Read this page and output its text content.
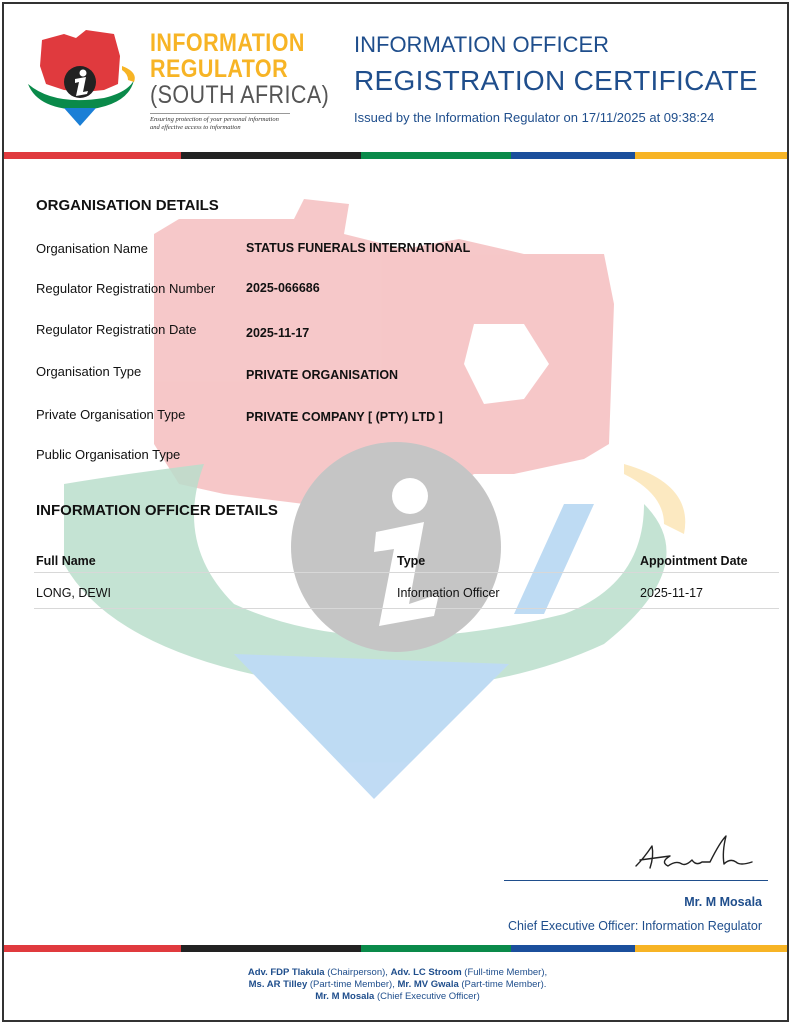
INFORMATION
REGULATOR
(SOUTH AFRICA)
Ensuring protection of your personal information
and effective access to information
INFORMATION OFFICER
REGISTRATION CERTIFICATE
Issued by the Information Regulator on 17/11/2025 at 09:38:24
ORGANISATION DETAILS
Organisation Name	STATUS FUNERALS INTERNATIONAL
Regulator Registration Number 2025-066686
Regulator Registration Date	2025-11-17
Organisation Type	PRIVATE ORGANISATION
Private Organisation Type	PRIVATE COMPANY [ (PTY) LTD ]
Public Organisation Type
INFORMATION OFFICER DETAILS
Full Name	Type	Appointment Date
LONG, DEWI	Information Officer	2025-11-17
Mr. M Mosala
Chief Executive Officer: Information Regulator
Adv. FDP Tlakula (Chairperson), Adv. LC Stroom (Full-time Member),
Ms. AR Tilley (Part-time Member), Mr. MV Gwala (Part-time Member).
Mr. M Mosala (Chief Executive Officer)
